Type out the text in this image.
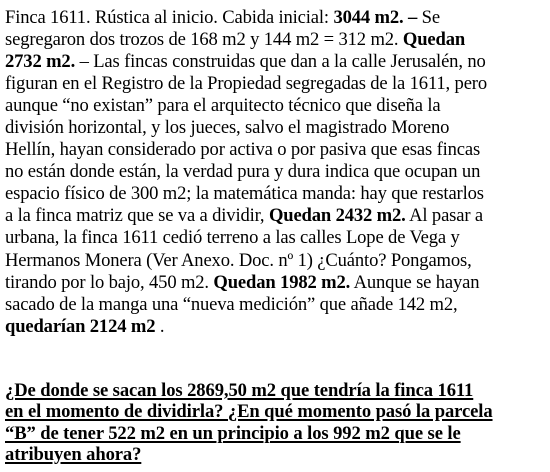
Finca 1611. Rústica al inicio. Cabida inicial: 3044 m2. – Se
segregaron dos trozos de 168 m2 y 144 m2 = 312 m2. Quedan
2732 m2. – Las fincas construidas que dan a la calle Jerusalén, no
figuran en el Registro de la Propiedad segregadas de la 1611, pero
aunque “no existan” para el arquitecto técnico que diseña la
división horizontal, y los jueces, salvo el magistrado Moreno
Hellín, hayan considerado por activa o por pasiva que esas fincas
no están donde están, la verdad pura y dura indica que ocupan un
espacio físico de 300 m2; la matemática manda: hay que restarlos
a la finca matriz que se va a dividir, Quedan 2432 m2. Al pasar a
urbana, la finca 1611 cedió terreno a las calles Lope de Vega y
Hermanos Monera (Ver Anexo. Doc. nº 1) ¿Cuánto? Pongamos,
tirando por lo bajo, 450 m2. Quedan 1982 m2. Aunque se hayan
sacado de la manga una “nueva medición” que añade 142 m2,
quedarían 2124 m2 .

¿De donde se sacan los 2869,50 m2 que tendría la finca 1611
en el momento de dividirla? ¿En qué momento pasó la parcela
“B” de tener 522 m2 en un principio a los 992 m2 que se le
atribuyen ahora?
